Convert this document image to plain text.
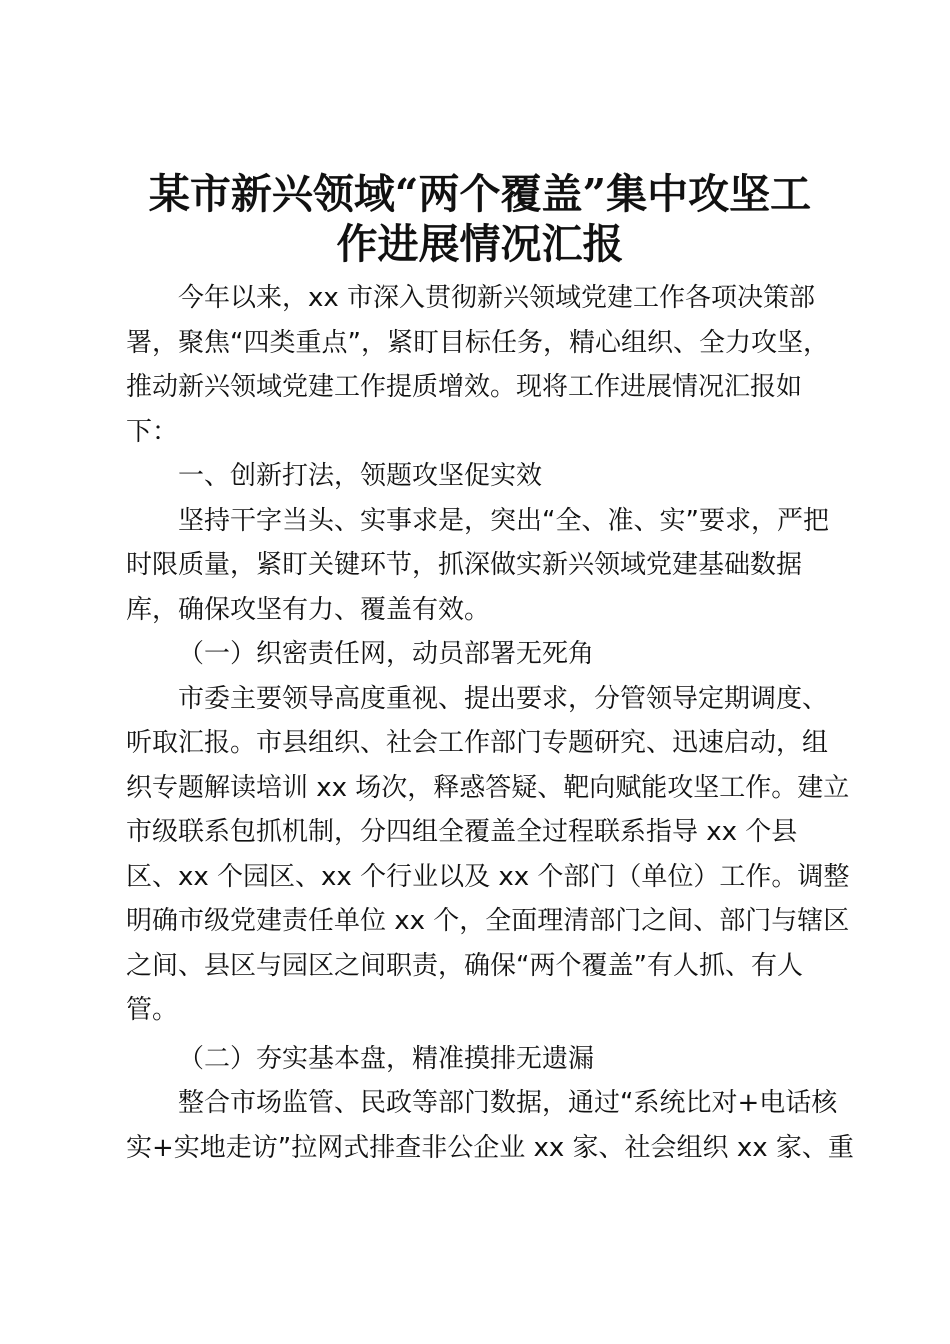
某市新兴领域“两个覆盖”集中攻坚工
作进展情况汇报
今年以来，xx 市深入贯彻新兴领域党建工作各项决策部
署，聚焦“四类重点”，紧盯目标任务，精心组织、全力攻坚，
推动新兴领域党建工作提质增效。现将工作进展情况汇报如
下：
一、创新打法，领题攻坚促实效
坚持干字当头、实事求是，突出“全、准、实”要求，严把
时限质量，紧盯关键环节，抓深做实新兴领域党建基础数据
库，确保攻坚有力、覆盖有效。
（一）织密责任网，动员部署无死角
市委主要领导高度重视、提出要求，分管领导定期调度、
听取汇报。市县组织、社会工作部门专题研究、迅速启动，组
织专题解读培训 xx 场次，释惑答疑、靶向赋能攻坚工作。建立
市级联系包抓机制，分四组全覆盖全过程联系指导 xx 个县
区、xx 个园区、xx 个行业以及 xx 个部门（单位）工作。调整
明确市级党建责任单位 xx 个，全面理清部门之间、部门与辖区
之间、县区与园区之间职责，确保“两个覆盖”有人抓、有人
管。
（二）夯实基本盘，精准摸排无遗漏
整合市场监管、民政等部门数据，通过“系统比对+电话核
实+实地走访”拉网式排查非公企业 xx 家、社会组织 xx 家、重
